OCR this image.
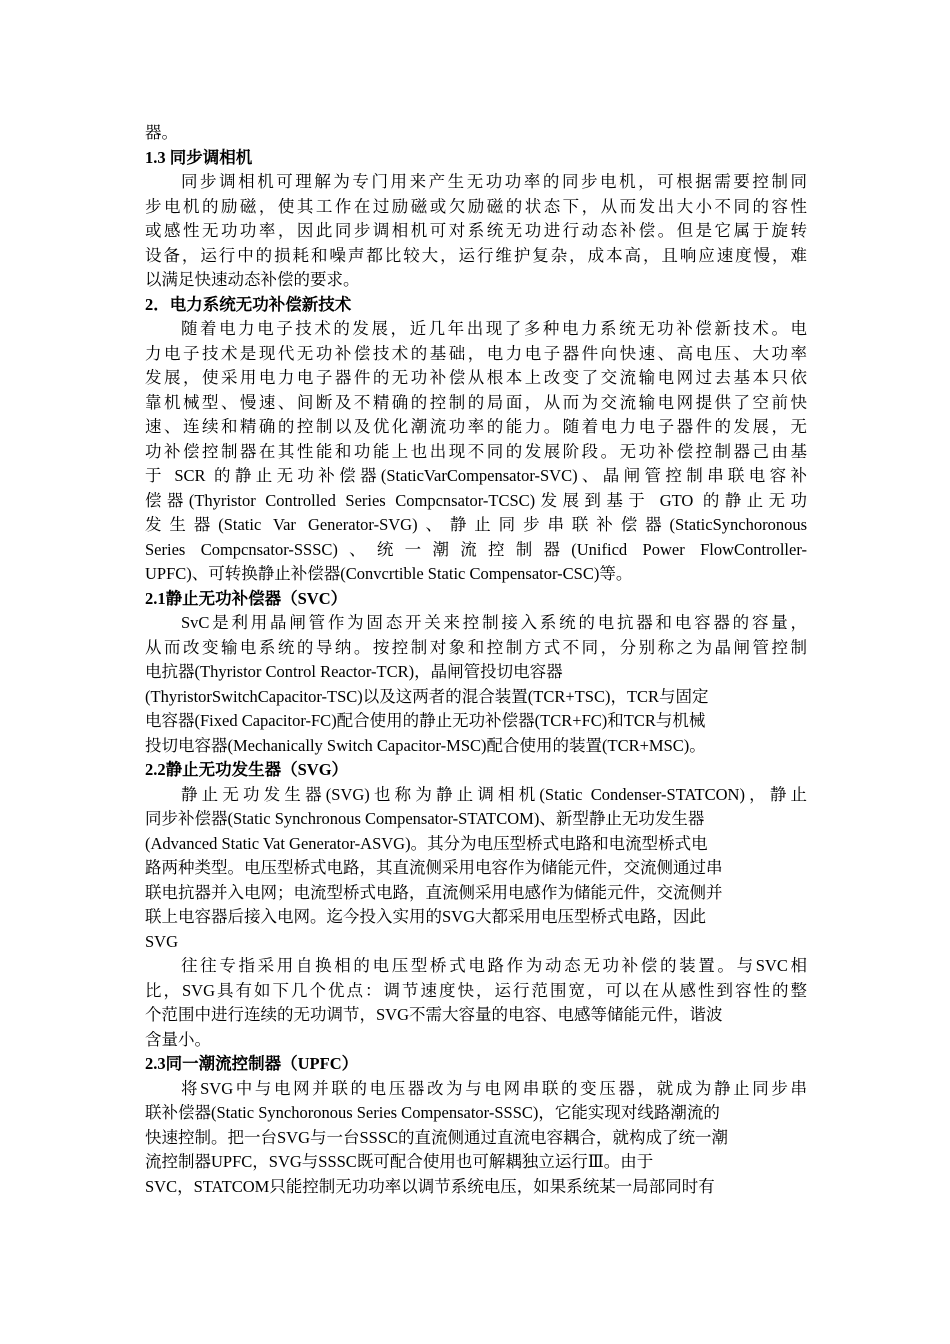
器。
1.3 同步调相机
同步调相机可理解为专门用来产生无功功率的同步电机，可根据需要控制同
步电机的励磁，使其工作在过励磁或欠励磁的状态下，从而发出大小不同的容性
或感性无功功率，因此同步调相机可对系统无功进行动态补偿。但是它属于旋转
设备，运行中的损耗和噪声都比较大，运行维护复杂，成本高，且响应速度慢，难
以满足快速动态补偿的要求。
2．电力系统无功补偿新技术
随着电力电子技术的发展，近几年出现了多种电力系统无功补偿新技术。电
力电子技术是现代无功补偿技术的基础，电力电子器件向快速、高电压、大功率
发展，使采用电力电子器件的无功补偿从根本上改变了交流输电网过去基本只依
靠机械型、慢速、间断及不精确的控制的局面，从而为交流输电网提供了空前快
速、连续和精确的控制以及优化潮流功率的能力。随着电力电子器件的发展，无
功补偿控制器在其性能和功能上也出现不同的发展阶段。无功补偿控制器己由基
于 SCR 的静止无功补偿器(StaticVarCompensator-SVC)、晶闸管控制串联电容补
偿器(Thyristor Controlled Series Compcnsator-TCSC)发展到基于 GTO 的静止无功
发生器(Static Var Generator-SVG)、静止同步串联补偿器(StaticSynchoronous
Series Compcnsator-SSSC)、统一潮流控制器(Unificd Power FlowController-
UPFC)、可转换静止补偿器(Convcrtible Static Compensator-CSC)等。
2.1静止无功补偿器（SVC）
SvC是利用晶闸管作为固态开关来控制接入系统的电抗器和电容器的容量，
从而改变输电系统的导纳。按控制对象和控制方式不同，分别称之为晶闸管控制
电抗器(Thyristor Control Reactor-TCR)，晶闸管投切电容器
(ThyristorSwitchCapacitor-TSC)以及这两者的混合装置(TCR+TSC)，TCR与固定
电容器(Fixed Capacitor-FC)配合使用的静止无功补偿器(TCR+FC)和TCR与机械
投切电容器(Mechanically Switch Capacitor-MSC)配合使用的装置(TCR+MSC)。
2.2静止无功发生器（SVG）
静止无功发生器(SVG)也称为静止调相机(Static Condenser-STATCON)，静止
同步补偿器(Static Synchronous Compensator-STATCOM)、新型静止无功发生器
(Advanced Static Vat Generator-ASVG)。其分为电压型桥式电路和电流型桥式电
路两种类型。电压型桥式电路，其直流侧采用电容作为储能元件，交流侧通过串
联电抗器并入电网；电流型桥式电路，直流侧采用电感作为储能元件，交流侧并
联上电容器后接入电网。迄今投入实用的SVG大都采用电压型桥式电路，因此
SVG
往往专指采用自换相的电压型桥式电路作为动态无功补偿的装置。与SVC相
比，SVG具有如下几个优点：调节速度快，运行范围宽，可以在从感性到容性的整
个范围中进行连续的无功调节，SVG不需大容量的电容、电感等储能元件，谐波
含量小。
2.3同一潮流控制器（UPFC）
将SVG中与电网并联的电压器改为与电网串联的变压器，就成为静止同步串
联补偿器(Static Synchoronous Series Compensator-SSSC)，它能实现对线路潮流的
快速控制。把一台SVG与一台SSSC的直流侧通过直流电容耦合，就构成了统一潮
流控制器UPFC，SVG与SSSC既可配合使用也可解耦独立运行Ⅲ。由于
SVC，STATCOM只能控制无功功率以调节系统电压，如果系统某一局部同时有
